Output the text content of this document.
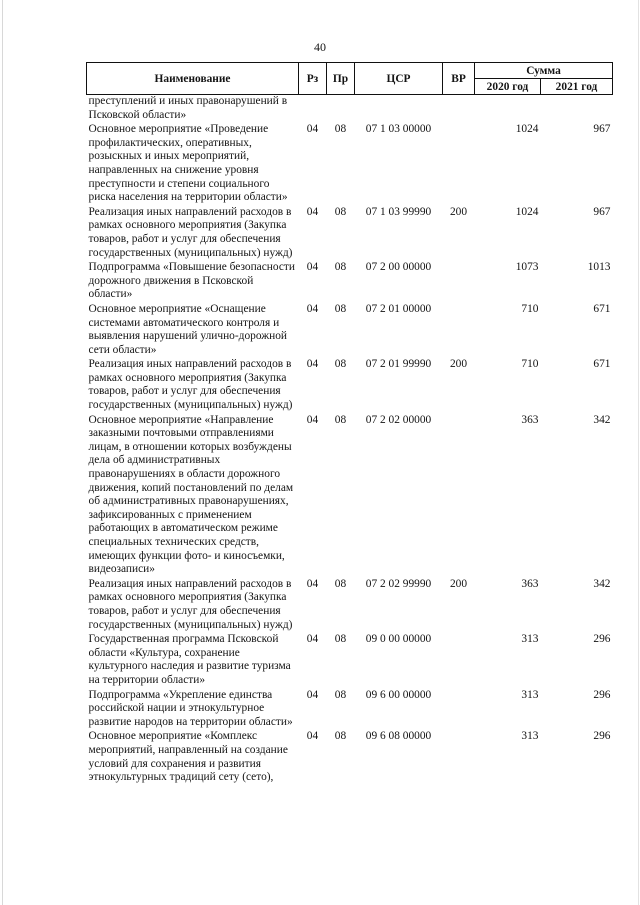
40
Наименование	Рз	Пр	ЦСР	ВР	Сумма	
					2020 год	2021 год
преступлений и иных правонарушений в Псковской области»						
Основное мероприятие «Проведение профилактических, оперативных, розыскных и иных мероприятий, направленных на снижение уровня преступности и степени социального риска населения на территории области»	04	08	07 1 03 00000		1024	967
Реализация иных направлений расходов в рамках основного мероприятия (Закупка товаров, работ и услуг для обеспечения государственных (муниципальных) нужд)	04	08	07 1 03 99990	200	1024	967
Подпрограмма «Повышение безопасности дорожного движения в Псковской области»	04	08	07 2 00 00000		1073	1013
Основное мероприятие «Оснащение системами автоматического контроля и выявления нарушений улично-дорожной сети области»	04	08	07 2 01 00000		710	671
Реализация иных направлений расходов в рамках основного мероприятия (Закупка товаров, работ и услуг для обеспечения государственных (муниципальных) нужд)	04	08	07 2 01 99990	200	710	671
Основное мероприятие «Направление заказными почтовыми отправлениями лицам, в отношении которых возбуждены дела об административных правонарушениях в области дорожного движения, копий постановлений по делам об административных правонарушениях, зафиксированных с применением работающих в автоматическом режиме специальных технических средств, имеющих функции фото- и киносъемки, видеозаписи»	04	08	07 2 02 00000		363	342
Реализация иных направлений расходов в рамках основного мероприятия (Закупка товаров, работ и услуг для обеспечения государственных (муниципальных) нужд)	04	08	07 2 02 99990	200	363	342
Государственная программа Псковской области «Культура, сохранение культурного наследия и развитие туризма на территории области»	04	08	09 0 00 00000		313	296
Подпрограмма «Укрепление единства российской нации и этнокультурное развитие народов на территории области»	04	08	09 6 00 00000		313	296
Основное мероприятие «Комплекс мероприятий, направленный на создание условий для сохранения и развития этнокультурных традиций сету (сето),	04	08	09 6 08 00000		313	296
